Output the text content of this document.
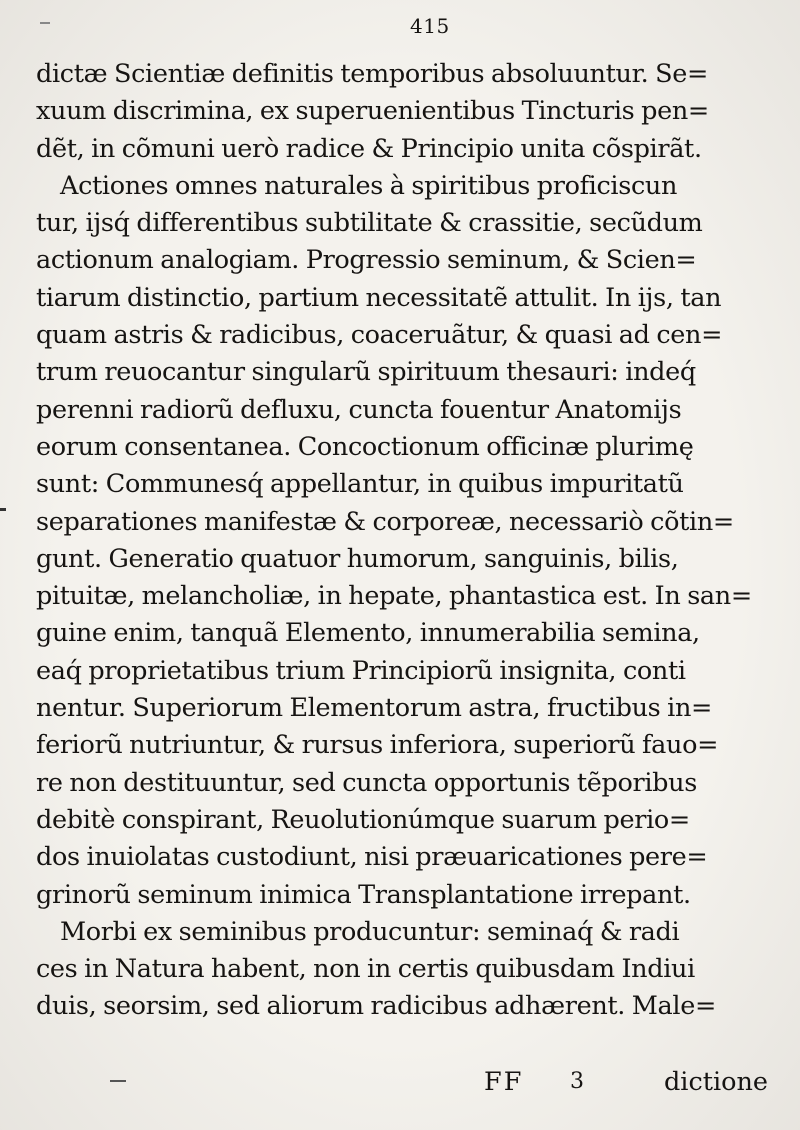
415
dictæ Scientiæ definitis temporibus absoluuntur. Se=
xuum discrimina, ex superuenientibus Tincturis pen=
dẽt, in cõmuni uerò radice & Principio unita cõspirãt.
Actiones omnes naturales à spiritibus proficiscun
tur, ijsq́ differentibus subtilitate & crassitie, secũdum
actionum analogiam. Progressio seminum, & Scien=
tiarum distinctio, partium necessitatẽ attulit. In ijs, tan
quam astris & radicibus, coaceruãtur, & quasi ad cen=
trum reuocantur singularũ spirituum thesauri: indeq́
perenni radiorũ defluxu, cuncta fouentur Anatomijs
eorum consentanea. Concoctionum officinæ plurimę
sunt: Communesq́ appellantur, in quibus impuritatũ
separationes manifestæ & corporeæ, necessariò cõtin=
gunt. Generatio quatuor humorum, sanguinis, bilis,
pituitæ, melancholiæ, in hepate, phantastica est. In san=
guine enim, tanquã Elemento, innumerabilia semina,
eaq́ proprietatibus trium Principiorũ insignita, conti
nentur. Superiorum Elementorum astra, fructibus in=
feriorũ nutriuntur, & rursus inferiora, superiorũ fauo=
re non destituuntur, sed cuncta opportunis tẽporibus
debitè conspirant, Reuolutionúmque suarum perio=
dos inuiolatas custodiunt, nisi præuaricationes pere=
grinorũ seminum inimica Transplantatione irrepant.
Morbi ex seminibus producuntur: seminaq́ & radi
ces in Natura habent, non in certis quibusdam Indiui
duis, seorsim, sed aliorum radicibus adhærent. Male=
FF 3	dictione
